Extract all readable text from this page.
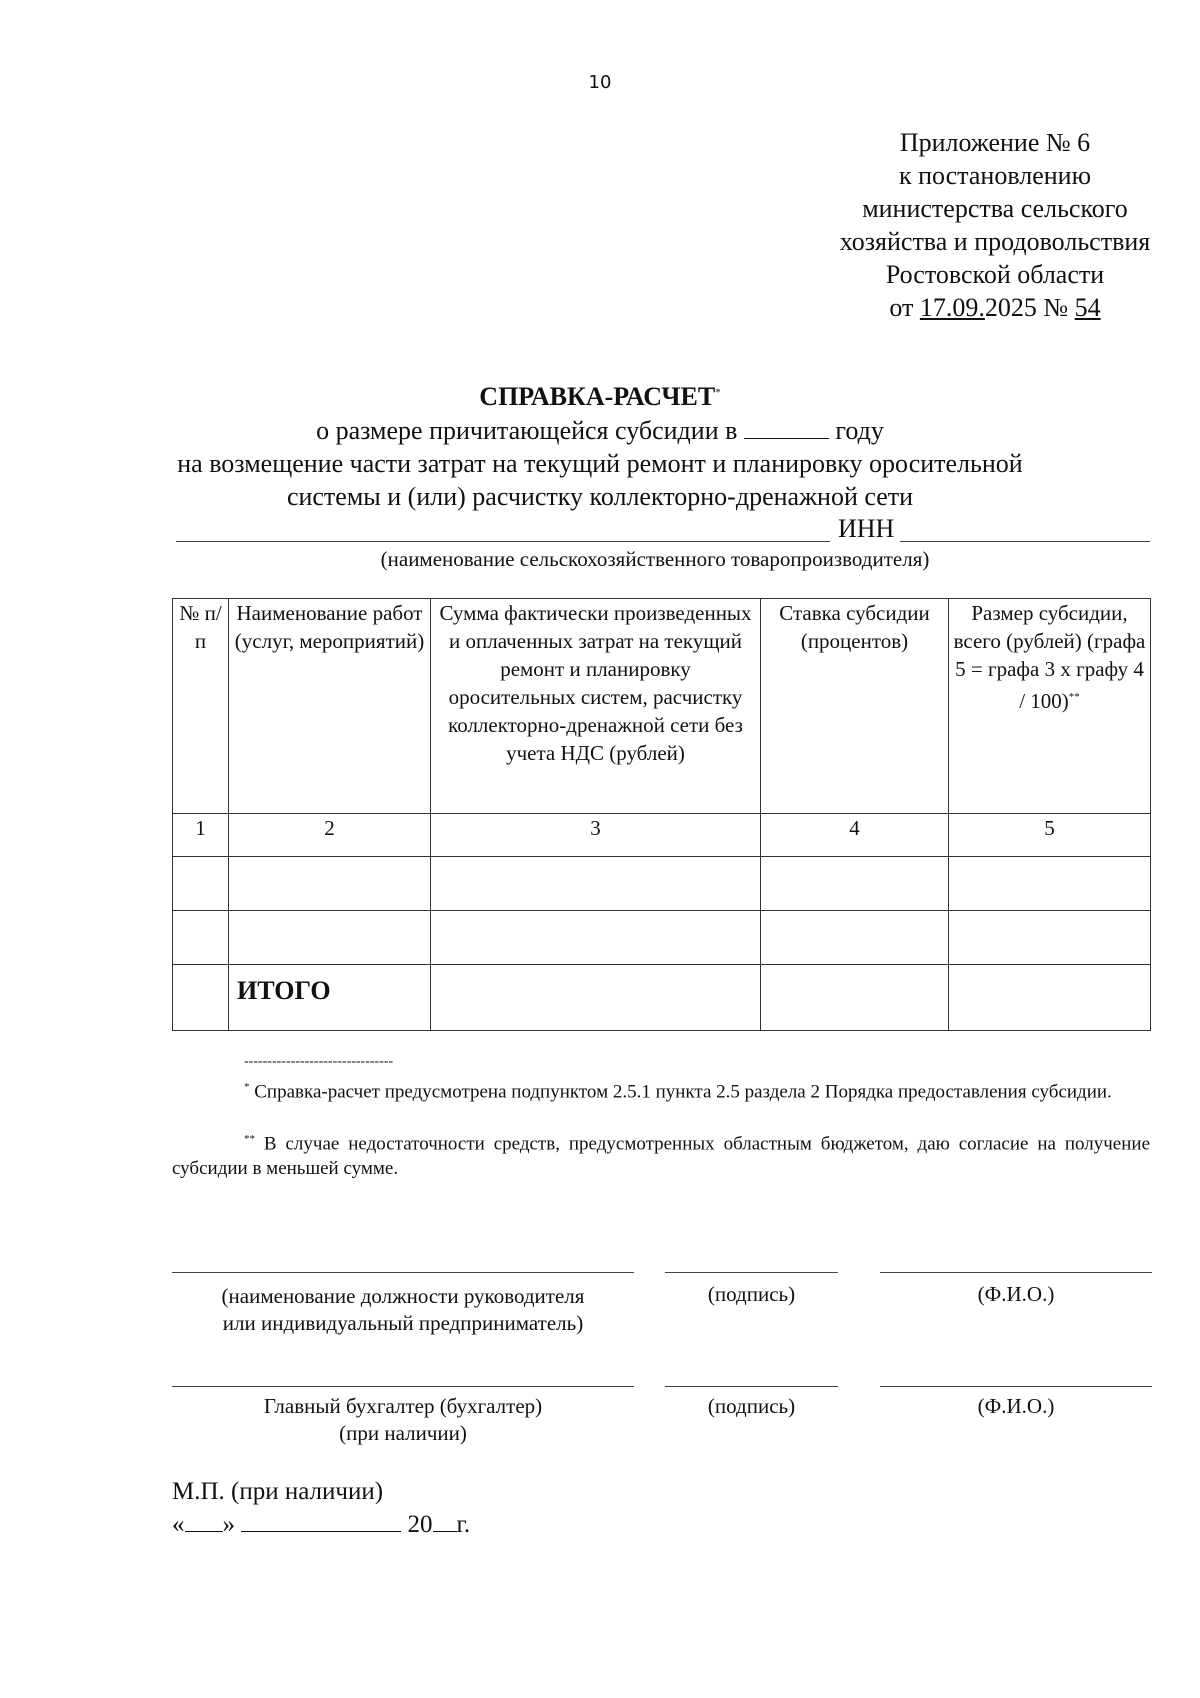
10
Приложение № 6
к постановлению
министерства сельского
хозяйства и продовольствия
Ростовской области
от 17.09.2025 № 54
СПРАВКА-РАСЧЕТ*
о размере причитающейся субсидии в	году
на возмещение части затрат на текущий ремонт и планировку оросительной
системы и (или) расчистку коллекторно-дренажной сети
ИНН
(наименование сельскохозяйственного товаропроизводителя)
№ п/п	Наименование работ (услуг, мероприятий)	Сумма фактически произведенных и оплаченных затрат на текущий ремонт и планировку оросительных систем, расчистку коллекторно-дренажной сети без учета НДС (рублей)	Ставка субсидии (процентов)	Размер субсидии, всего (рублей) (графа 5 = графа 3 х графу 4 / 100)**
1	2	3	4	5

	ИТОГО			
--------------------------------
* Справка-расчет предусмотрена подпунктом 2.5.1 пункта 2.5 раздела 2 Порядка предоставления субсидии.
** В случае недостаточности средств, предусмотренных областным бюджетом, даю согласие на получение субсидии в меньшей сумме.
(наименование должности руководителя
или индивидуальный предприниматель)
(подпись)	(Ф.И.О.)
Главный бухгалтер (бухгалтер)
(при наличии)
(подпись)	(Ф.И.О.)
М.П. (при наличии)
« »	20 г.
